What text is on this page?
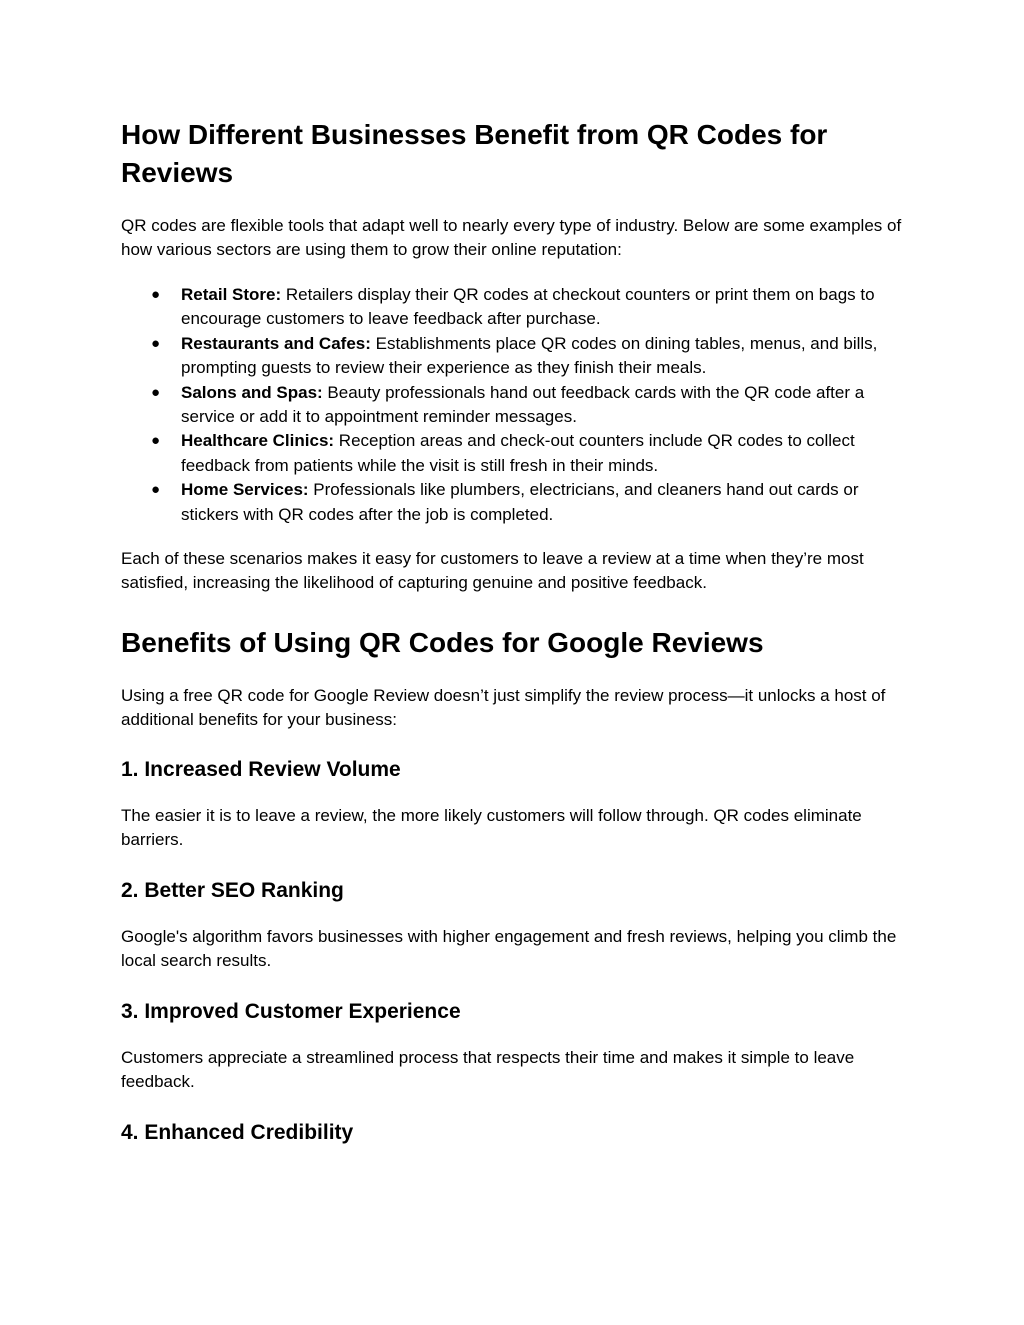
How Different Businesses Benefit from QR Codes for Reviews

QR codes are flexible tools that adapt well to nearly every type of industry. Below are some examples of how various sectors are using them to grow their online reputation:

● Retail Store: Retailers display their QR codes at checkout counters or print them on bags to encourage customers to leave feedback after purchase.
● Restaurants and Cafes: Establishments place QR codes on dining tables, menus, and bills, prompting guests to review their experience as they finish their meals.
● Salons and Spas: Beauty professionals hand out feedback cards with the QR code after a service or add it to appointment reminder messages.
● Healthcare Clinics: Reception areas and check-out counters include QR codes to collect feedback from patients while the visit is still fresh in their minds.
● Home Services: Professionals like plumbers, electricians, and cleaners hand out cards or stickers with QR codes after the job is completed.

Each of these scenarios makes it easy for customers to leave a review at a time when they’re most satisfied, increasing the likelihood of capturing genuine and positive feedback.

Benefits of Using QR Codes for Google Reviews

Using a free QR code for Google Review doesn’t just simplify the review process—it unlocks a host of additional benefits for your business:

1. Increased Review Volume

The easier it is to leave a review, the more likely customers will follow through. QR codes eliminate barriers.

2. Better SEO Ranking

Google's algorithm favors businesses with higher engagement and fresh reviews, helping you climb the local search results.

3. Improved Customer Experience

Customers appreciate a streamlined process that respects their time and makes it simple to leave feedback.

4. Enhanced Credibility
